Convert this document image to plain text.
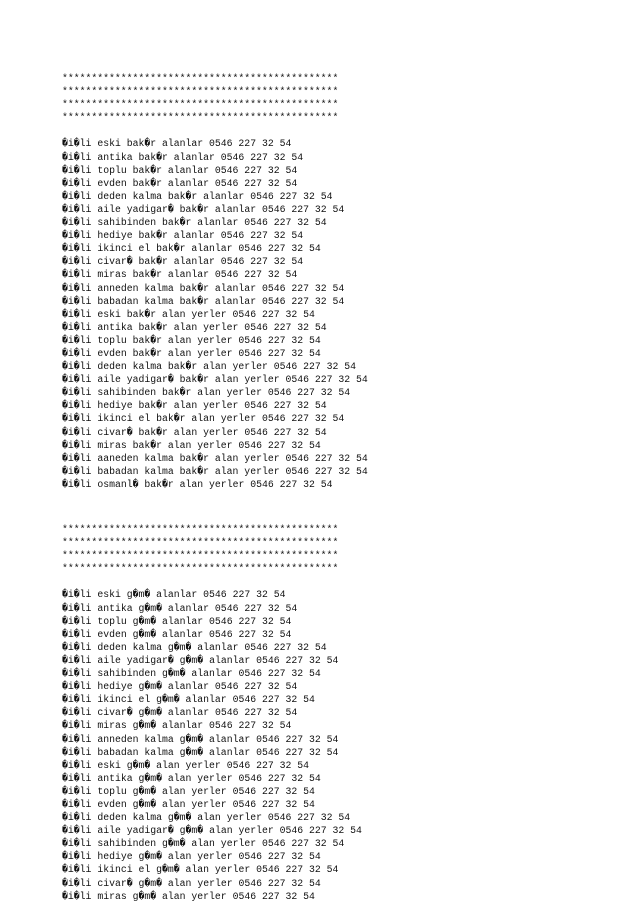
***********************************************
***********************************************
***********************************************
***********************************************
�i�li eski bak�r alanlar 0546 227 32 54
�i�li antika bak�r alanlar 0546 227 32 54
�i�li toplu bak�r alanlar 0546 227 32 54
�i�li evden bak�r alanlar 0546 227 32 54
�i�li deden kalma bak�r alanlar 0546 227 32 54
�i�li aile yadigar� bak�r alanlar 0546 227 32 54
�i�li sahibinden bak�r alanlar 0546 227 32 54
�i�li hediye bak�r alanlar 0546 227 32 54
�i�li ikinci el bak�r alanlar 0546 227 32 54
�i�li civar� bak�r alanlar 0546 227 32 54
�i�li miras bak�r alanlar 0546 227 32 54
�i�li anneden kalma bak�r alanlar 0546 227 32 54
�i�li babadan kalma bak�r alanlar 0546 227 32 54
�i�li eski bak�r alan yerler 0546 227 32 54
�i�li antika bak�r alan yerler 0546 227 32 54
�i�li toplu bak�r alan yerler 0546 227 32 54
�i�li evden bak�r alan yerler 0546 227 32 54
�i�li deden kalma bak�r alan yerler 0546 227 32 54
�i�li aile yadigar� bak�r alan yerler 0546 227 32 54
�i�li sahibinden bak�r alan yerler 0546 227 32 54
�i�li hediye bak�r alan yerler 0546 227 32 54
�i�li ikinci el bak�r alan yerler 0546 227 32 54
�i�li civar� bak�r alan yerler 0546 227 32 54
�i�li miras bak�r alan yerler 0546 227 32 54
�i�li aaneden kalma bak�r alan yerler 0546 227 32 54
�i�li babadan kalma bak�r alan yerler 0546 227 32 54
�i�li osmanl� bak�r alan yerler 0546 227 32 54
***********************************************
***********************************************
***********************************************
***********************************************
�i�li eski g�m� alanlar 0546 227 32 54
�i�li antika g�m� alanlar 0546 227 32 54
�i�li toplu g�m� alanlar 0546 227 32 54
�i�li evden g�m� alanlar 0546 227 32 54
�i�li deden kalma g�m� alanlar 0546 227 32 54
�i�li aile yadigar� g�m� alanlar 0546 227 32 54
�i�li sahibinden g�m� alanlar 0546 227 32 54
�i�li hediye g�m� alanlar 0546 227 32 54
�i�li ikinci el g�m� alanlar 0546 227 32 54
�i�li civar� g�m� alanlar 0546 227 32 54
�i�li miras g�m� alanlar 0546 227 32 54
�i�li anneden kalma g�m� alanlar 0546 227 32 54
�i�li babadan kalma g�m� alanlar 0546 227 32 54
�i�li eski g�m� alan yerler 0546 227 32 54
�i�li antika g�m� alan yerler 0546 227 32 54
�i�li toplu g�m� alan yerler 0546 227 32 54
�i�li evden g�m� alan yerler 0546 227 32 54
�i�li deden kalma g�m� alan yerler 0546 227 32 54
�i�li aile yadigar� g�m� alan yerler 0546 227 32 54
�i�li sahibinden g�m� alan yerler 0546 227 32 54
�i�li hediye g�m� alan yerler 0546 227 32 54
�i�li ikinci el g�m� alan yerler 0546 227 32 54
�i�li civar� g�m� alan yerler 0546 227 32 54
�i�li miras g�m� alan yerler 0546 227 32 54
